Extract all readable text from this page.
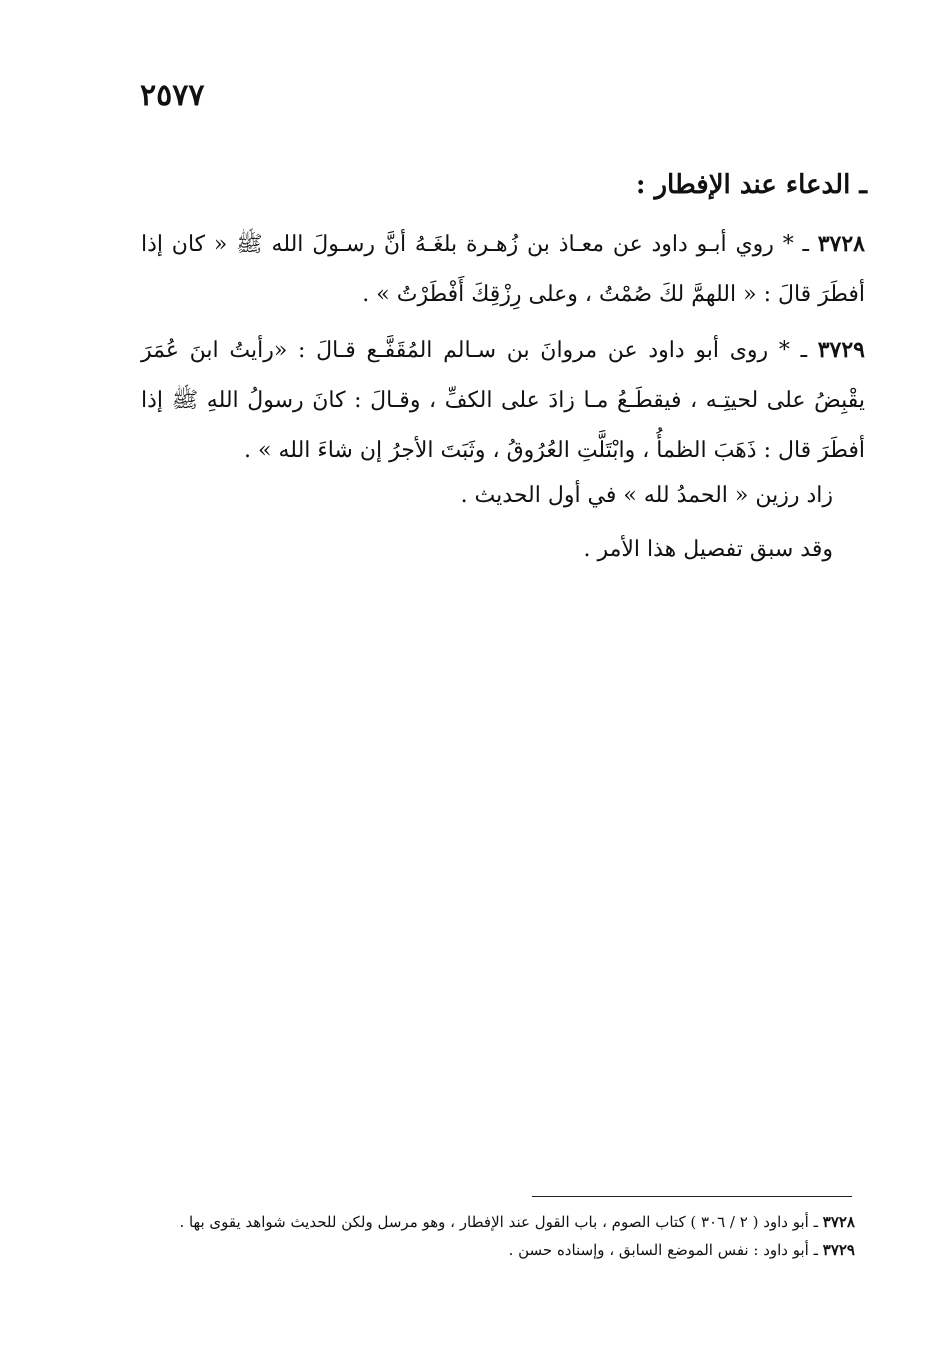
٢٥٧٧
ـ الدعاء عند الإفطار :
٣٧٢٨ ـ * روي أبـو داود عن معـاذ بن زُهـرة بلغَـهُ أنَّ رسـولَ الله ﷺ « كان إذا أفطَرَ قالَ : « اللهمَّ لكَ صُمْتُ ، وعلى رِزْقِكَ أَفْطَرْتُ » .
٣٧٢٩ ـ * روى أبو داود عن مروانَ بن سـالم المُقَفَّـع قـالَ : «رأيتُ ابنَ عُمَرَ يقْبِضُ على لحيتِـه ، فيقطَـعُ مـا زادَ على الكفِّ ، وقـالَ : كانَ رسولُ اللهِ ﷺ إذا أفطَرَ قال : ذَهَبَ الظمأُ ، وابْتَلَّتِ العُرُوقُ ، وثَبَتَ الأجرُ إن شاءَ الله » .
زاد رزين « الحمدُ لله » في أول الحديث .
وقد سبق تفصيل هذا الأمر .
٣٧٢٨ ـ أبو داود ( ٢ / ٣٠٦ ) كتاب الصوم ، باب القول عند الإفطار ، وهو مرسل ولكن للحديث شواهد يقوى بها .
٣٧٢٩ ـ أبو داود : نفس الموضع السابق ، وإسناده حسن .
